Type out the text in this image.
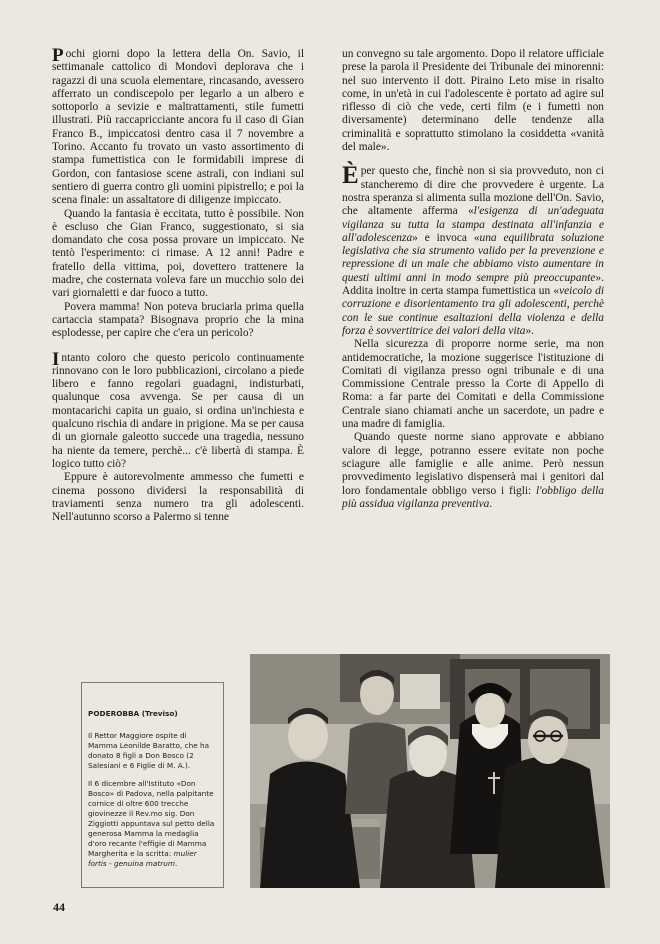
Pochi giorni dopo la lettera della On. Savio, il settimanale cattolico di Mondovì deplorava che i ragazzi di una scuola elementare, rincasando, avessero afferrato un condiscepolo per legarlo a un albero e sottoporlo a sevizie e maltrattamenti, stile fumetti illustrati. Più raccapricciante ancora fu il caso di Gian Franco B., impiccatosi dentro casa il 7 novembre a Torino. Accanto fu trovato un vasto assortimento di stampa fumettistica con le formidabili imprese di Gordon, con fantasiose scene astrali, con indiani sul sentiero di guerra contro gli uomini pipistrello; e poi la scena finale: un assaltatore di diligenze impiccato.

Quando la fantasia è eccitata, tutto è possibile. Non è escluso che Gian Franco, suggestionato, si sia domandato che cosa possa provare un impiccato. Ne tentò l'esperimento: ci rimase. A 12 anni! Padre e fratello della vittima, poi, dovettero trattenere la madre, che costernata voleva fare un mucchio solo dei vari giornaletti e dar fuoco a tutto.

Povera mamma! Non poteva bruciarla prima quella cartaccia stampata? Bisognava proprio che la mina esplodesse, per capire che c'era un pericolo?

Intanto coloro che questo pericolo continuamente rinnovano con le loro pubblicazioni, circolano a piede libero e fanno regolari guadagni, indisturbati, qualunque cosa avvenga. Se per causa di un montacarichi capita un guaio, si ordina un'inchiesta e qualcuno rischia di andare in prigione. Ma se per causa di un giornale galeotto succede una tragedia, nessuno ha niente da temere, perchè... c'è libertà di stampa. È logico tutto ciò?

Eppure è autorevolmente ammesso che fumetti e cinema possono dividersi la responsabilità di traviamenti senza numero tra gli adolescenti. Nell'autunno scorso a Palermo si tenne

un convegno su tale argomento. Dopo il relatore ufficiale prese la parola il Presidente dei Tribunale dei minorenni: nel suo intervento il dott. Piraino Leto mise in risalto come, in un'età in cui l'adolescente è portato ad agire sul riflesso di ciò che vede, certi film (e i fumetti non diversamente) determinano delle tendenze alla criminalità e soprattutto stimolano la cosiddetta «vanità del male».

È per questo che, finchè non si sia provveduto, non ci stancheremo di dire che provvedere è urgente. La nostra speranza si alimenta sulla mozione dell'On. Savio, che altamente afferma «l'esigenza di un'adeguata vigilanza su tutta la stampa destinata all'infanzia e all'adolescenza» e invoca «una equilibrata soluzione legislativa che sia strumento valido per la prevenzione e repressione di un male che abbiamo visto aumentare in questi ultimi anni in modo sempre più preoccupante». Addita inoltre in certa stampa fumettistica un «veicolo di corruzione e disorientamento tra gli adolescenti, perchè con le sue continue esaltazioni della violenza e della forza è sovvertitrice dei valori della vita».

Nella sicurezza di proporre norme serie, ma non antidemocratiche, la mozione suggerisce l'istituzione di Comitati di vigilanza presso ogni tribunale e di una Commissione Centrale presso la Corte di Appello di Roma: a far parte dei Comitati e della Commissione Centrale siano chiamati anche un sacerdote, un padre e una madre di famiglia.

Quando queste norme siano approvate e abbiano valore di legge, potranno essere evitate non poche sciagure alle famiglie e alle anime. Però nessun provvedimento legislativo dispenserà mai i genitori dal loro fondamentale obbligo verso i figli: l'obbligo della più assidua vigilanza preventiva.

PODEROBBA (Treviso)

Il Rettor Maggiore ospite di Mamma Leonilde Baratto, che ha donato 8 figli a Don Bosco (2 Salesiani e 6 Figlie di M. A.).

Il 6 dicembre all'Istituto «Don Bosco» di Padova, nella palpitante cornice di oltre 600 trecche giovinezze il Rev.mo sig. Don Ziggiotti appuntava sul petto della generosa Mamma la medaglia d'oro recante l'effigie di Mamma Margherita e la scritta: mulier fortis - genuina matrum.

44
